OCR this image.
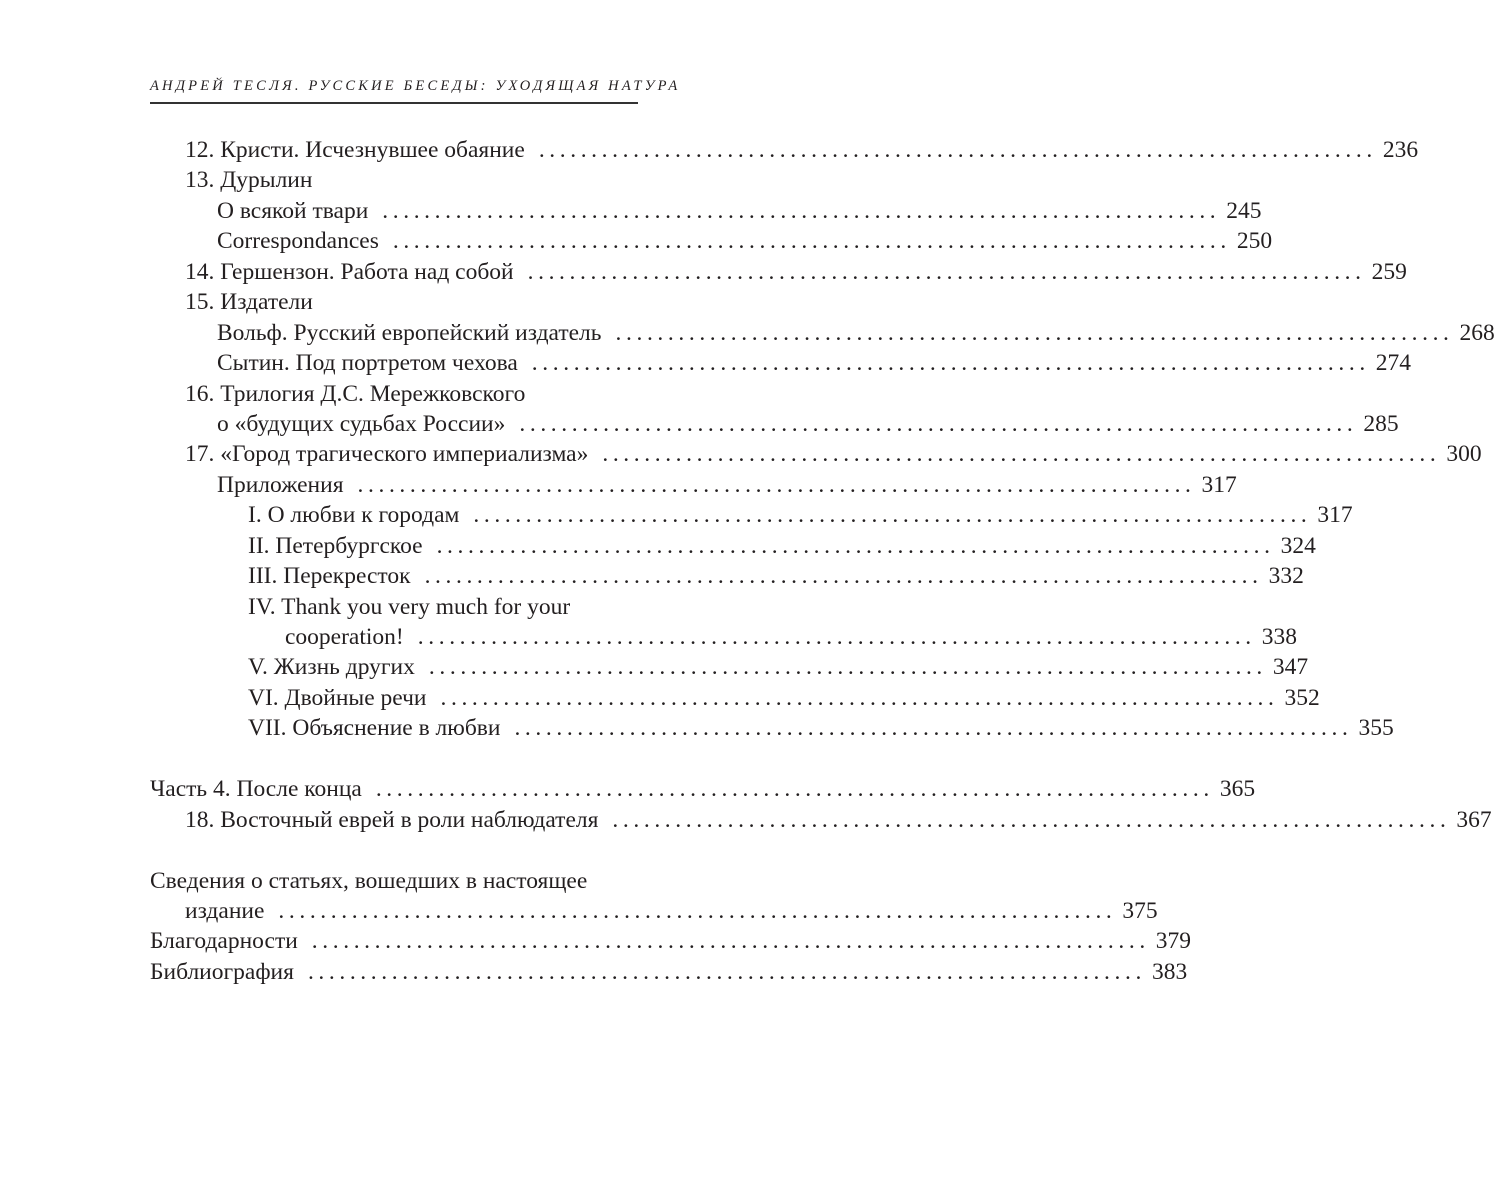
АНДРЕЙ ТЕСЛЯ. РУССКИЕ БЕСЕДЫ: УХОДЯЩАЯ НАТУРА
12. Кристи. Исчезнувшее обаяние ................................................................................ 236
13. Дурылин
О всякой твари ................................................................................ 245
Correspondances ................................................................................ 250
14. Гершензон. Работа над собой ................................................................................ 259
15. Издатели
Вольф. Русский европейский издатель ................................................................................ 268
Сытин. Под портретом чехова ................................................................................ 274
16. Трилогия Д.С. Мережковского
о «будущих судьбах России» ................................................................................ 285
17. «Город трагического империализма» ................................................................................ 300
Приложения ................................................................................ 317
I. О любви к городам ................................................................................ 317
II. Петербургское ................................................................................ 324
III. Перекресток ................................................................................ 332
IV. Thank you very much for your
cooperation! ................................................................................ 338
V. Жизнь других ................................................................................ 347
VI. Двойные речи ................................................................................ 352
VII. Объяснение в любви ................................................................................ 355
Часть 4. После конца ................................................................................ 365
18. Восточный еврей в роли наблюдателя ................................................................................ 367
Сведения о статьях, вошедших в настоящее
издание ................................................................................ 375
Благодарности ................................................................................ 379
Библиография ................................................................................ 383
